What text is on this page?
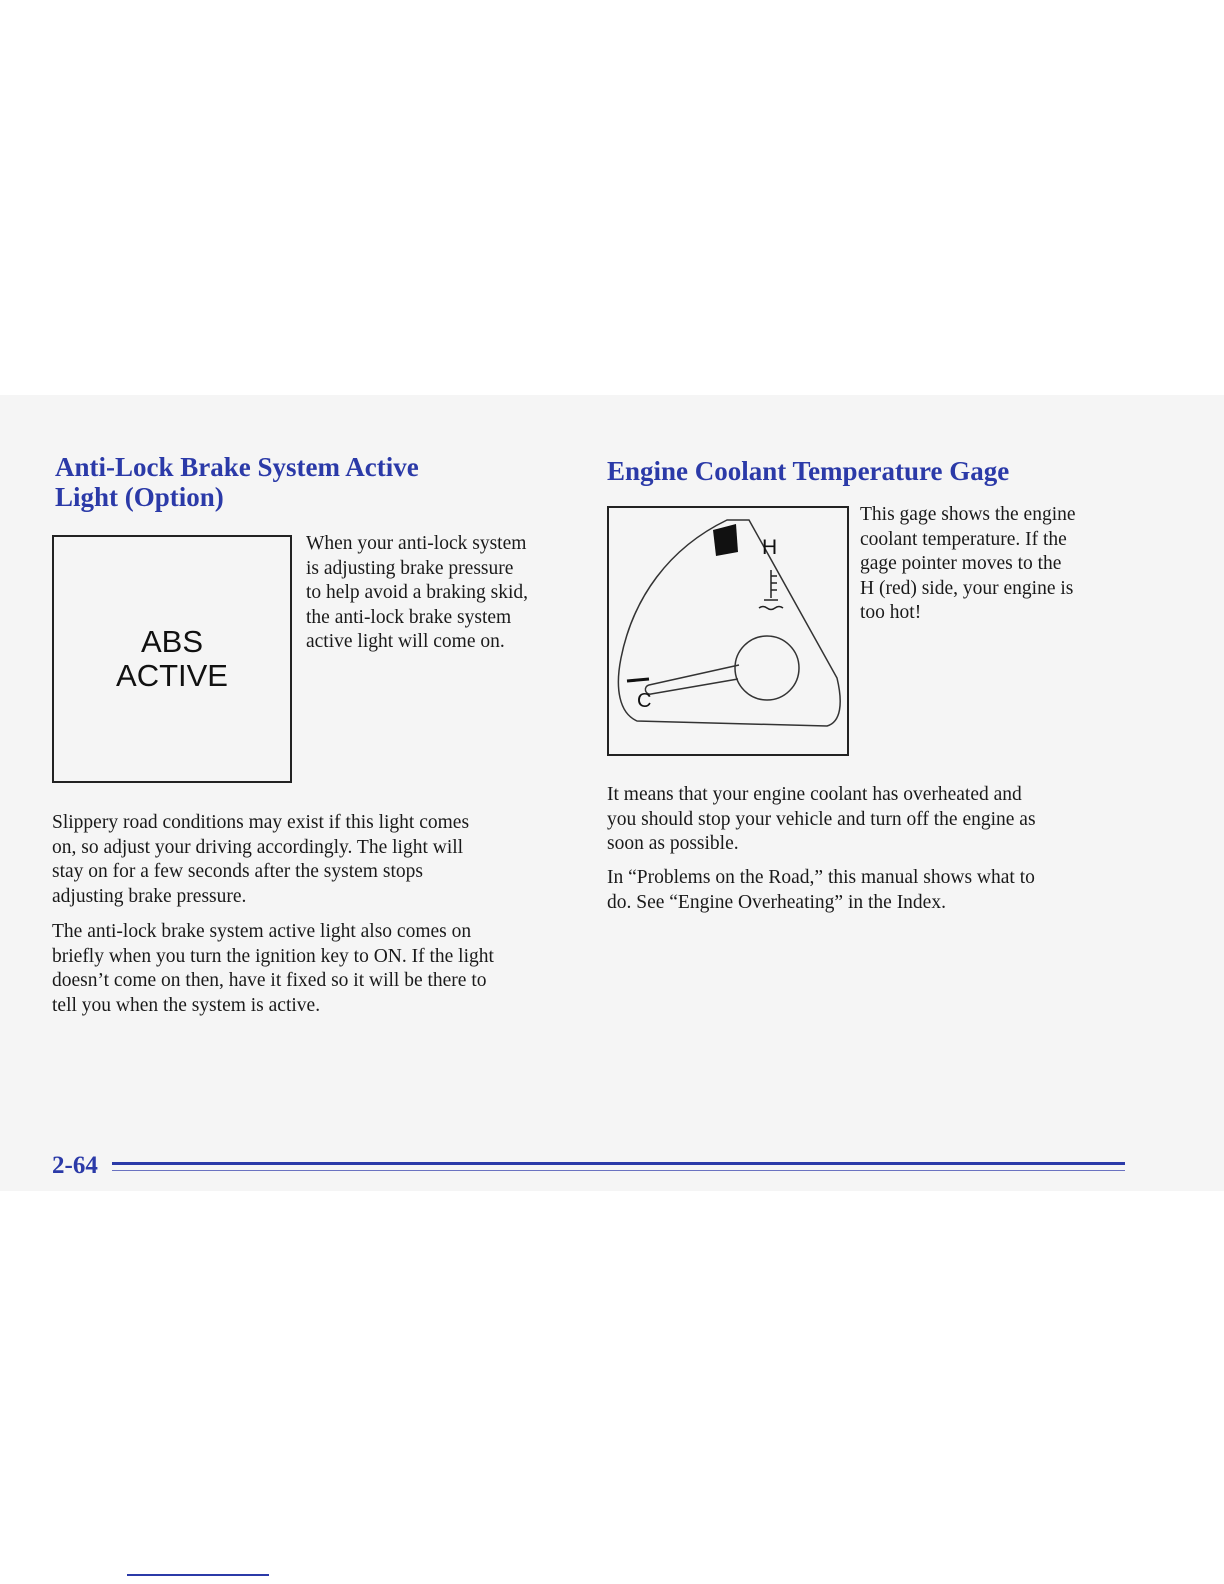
Anti-Lock Brake System Active
Light (Option)
ABS
ACTIVE

When your anti-lock system
is adjusting brake pressure
to help avoid a braking skid,
the anti-lock brake system
active light will come on.

Slippery road conditions may exist if this light comes
on, so adjust your driving accordingly. The light will
stay on for a few seconds after the system stops
adjusting brake pressure.

The anti-lock brake system active light also comes on
briefly when you turn the ignition key to ON. If the light
doesn’t come on then, have it fixed so it will be there to
tell you when the system is active.

Engine Coolant Temperature Gage
H
C

This gage shows the engine
coolant temperature. If the
gage pointer moves to the
H (red) side, your engine is
too hot!

It means that your engine coolant has overheated and
you should stop your vehicle and turn off the engine as
soon as possible.

In “Problems on the Road,” this manual shows what to
do. See “Engine Overheating” in the Index.

2-64
